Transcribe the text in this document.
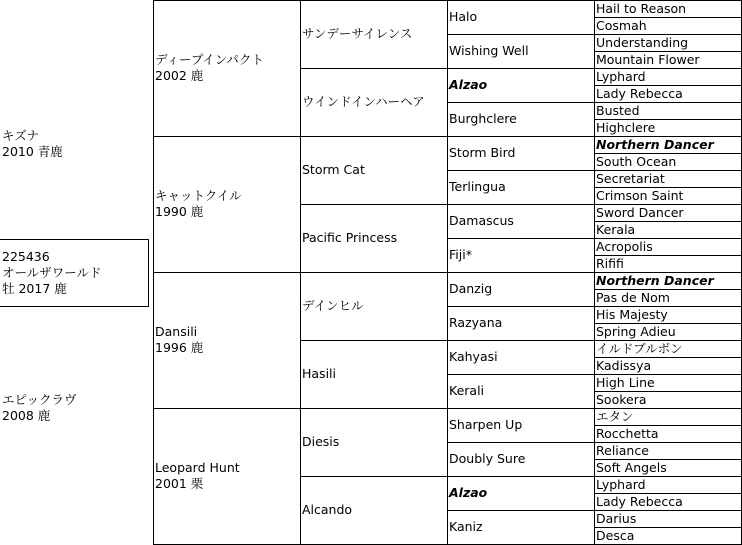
225436
オールザワールド
牡 2017 鹿
キズナ
2010 青鹿
エピックラヴ
2008 鹿
ディープインパクト
2002 鹿
キャットクイル
1990 鹿
Dansili
1996 鹿
Leopard Hunt
2001 栗
サンデーサイレンス
ウインドインハーヘア
Storm Cat
Pacific Princess
デインヒル
Hasili
Diesis
Alcando
Halo
Wishing Well
Alzao
Burghclere
Storm Bird
Terlingua
Damascus
Fiji*
Danzig
Razyana
Kahyasi
Kerali
Sharpen Up
Doubly Sure
Alzao
Kaniz
Hail to Reason
Cosmah
Understanding
Mountain Flower
Lyphard
Lady Rebecca
Busted
Highclere
Northern Dancer
South Ocean
Secretariat
Crimson Saint
Sword Dancer
Kerala
Acropolis
Rififi
Northern Dancer
Pas de Nom
His Majesty
Spring Adieu
イルドブルボン
Kadissya
High Line
Sookera
エタン
Rocchetta
Reliance
Soft Angels
Lyphard
Lady Rebecca
Darius
Desca
